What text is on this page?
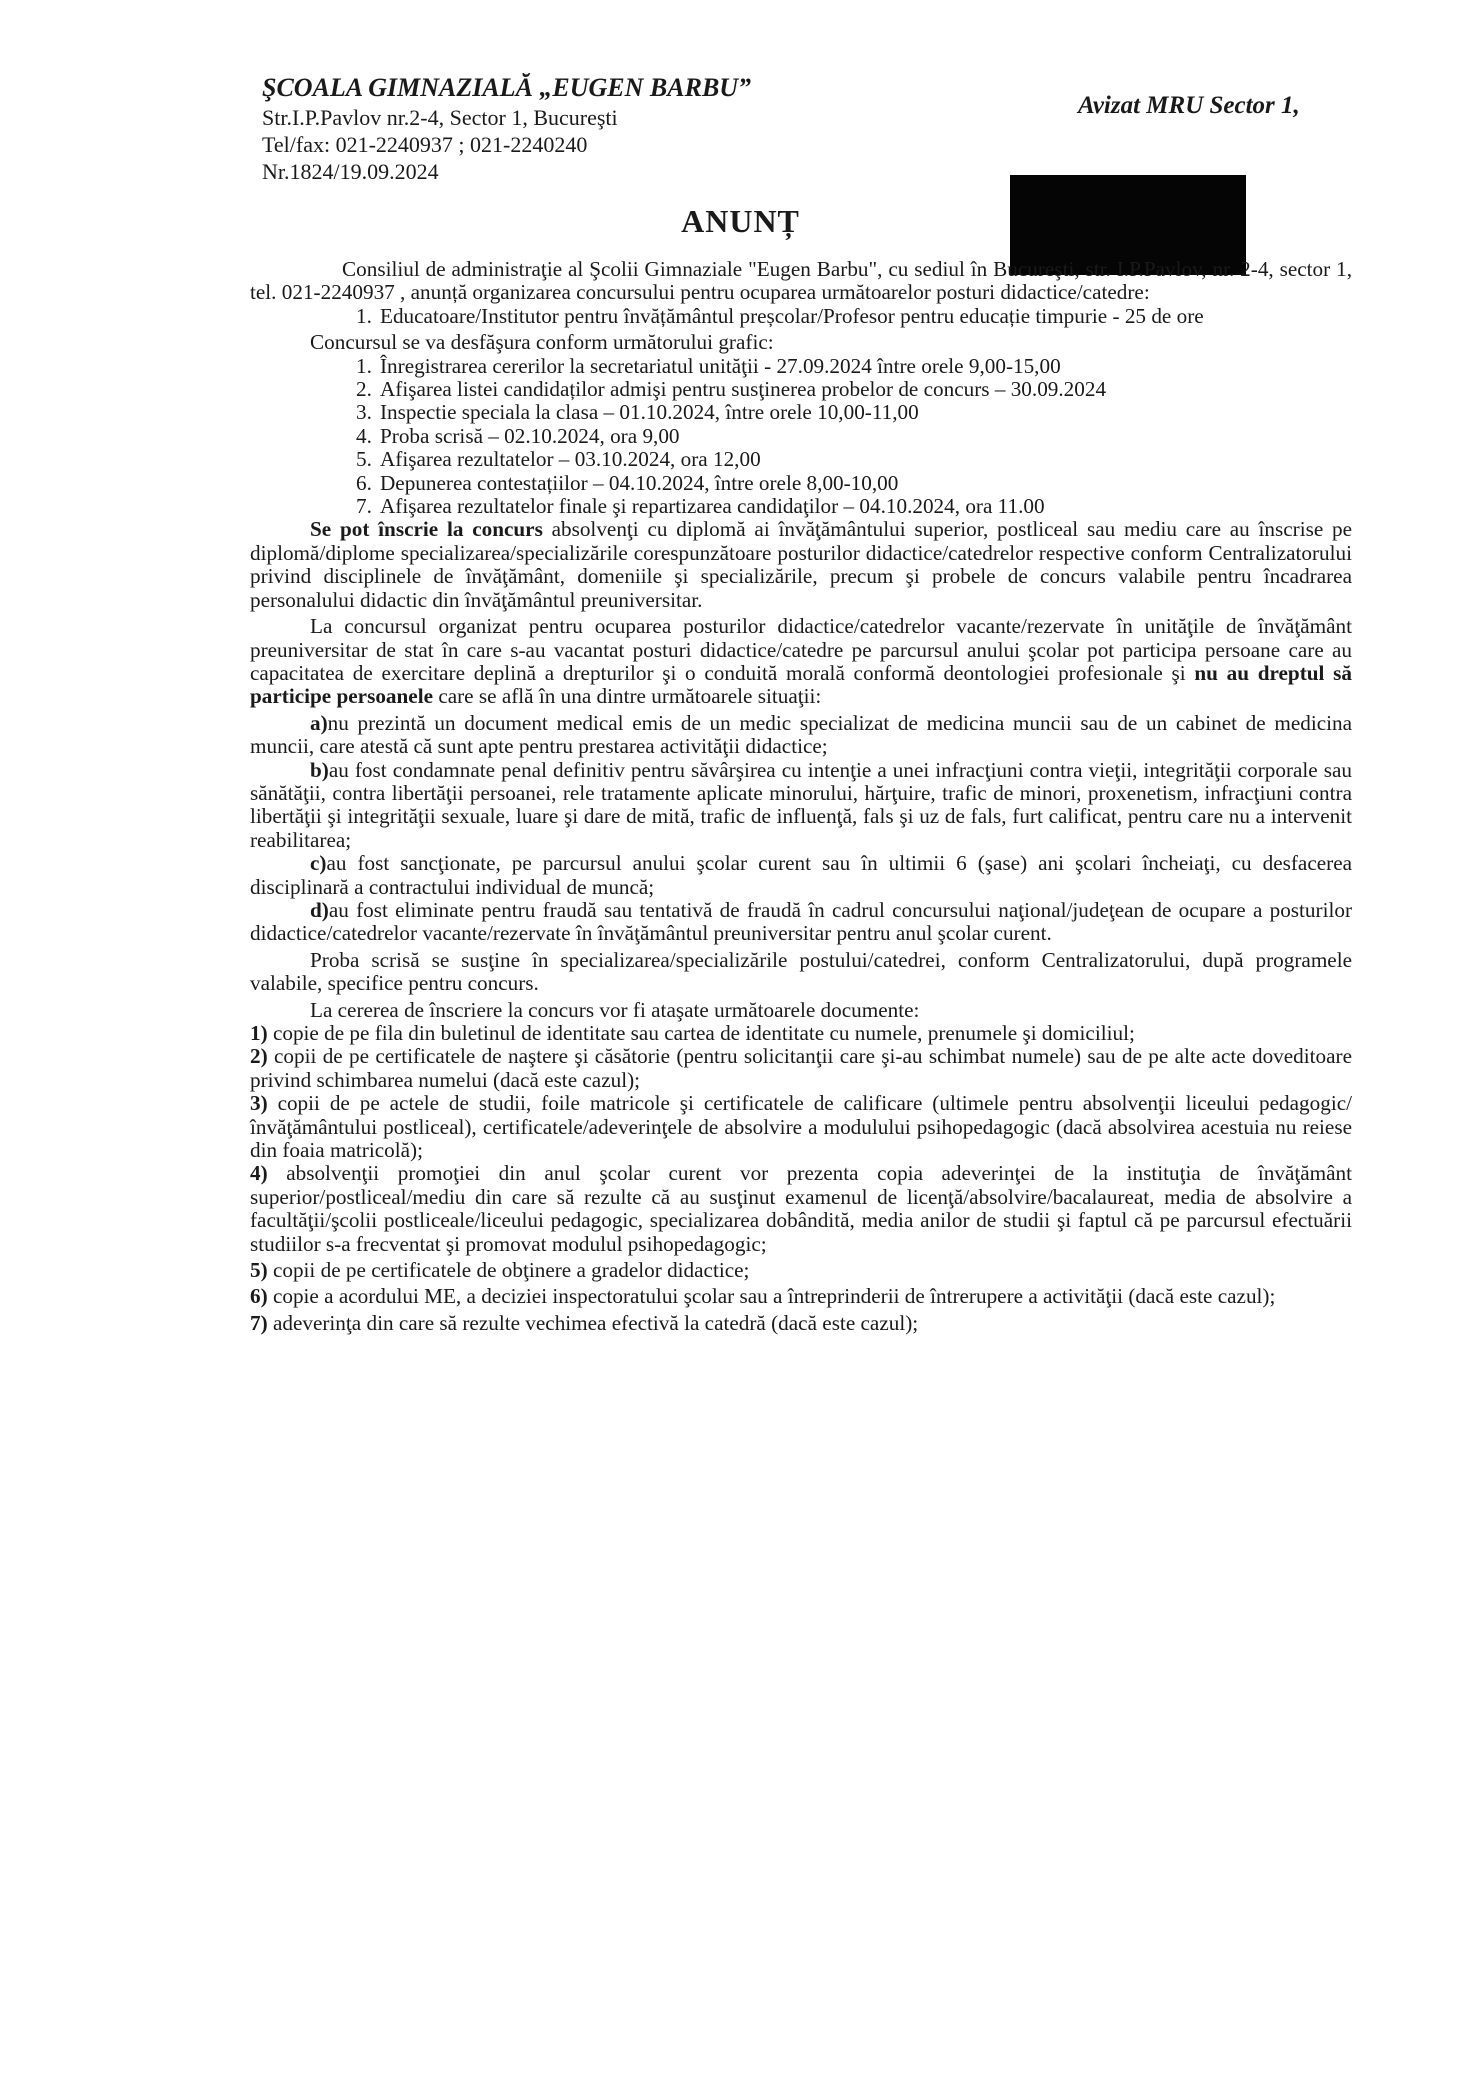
ŞCOALA GIMNAZIALĂ „EUGEN BARBU”
Str.I.P.Pavlov nr.2-4, Sector 1, Bucureşti
Tel/fax: 021-2240937 ; 021-2240240
Nr.1824/19.09.2024
Avizat MRU Sector 1,
ANUNȚ

Consiliul de administraţie al Şcolii Gimnaziale "Eugen Barbu", cu sediul în Bucureşti, str. I.P.Pavlov, nr. 2-4, sector 1, tel. 021-2240937 , anunță organizarea concursului pentru ocuparea următoarelor posturi didactice/catedre:

1. Educatoare/Institutor pentru învățământul preșcolar/Profesor pentru educație timpurie - 25 de ore

Concursul se va desfăşura conform următorului grafic:

1. Înregistrarea cererilor la secretariatul unităţii - 27.09.2024 între orele 9,00-15,00

2. Afişarea listei candidaților admişi pentru susţinerea probelor de concurs – 30.09.2024

3. Inspectie speciala la clasa – 01.10.2024, între orele 10,00-11,00

4. Proba scrisă – 02.10.2024, ora 9,00

5. Afişarea rezultatelor – 03.10.2024, ora 12,00

6. Depunerea contestațiilor – 04.10.2024, între orele 8,00-10,00

7. Afişarea rezultatelor finale şi repartizarea candidaţilor – 04.10.2024, ora 11.00

Se pot înscrie la concurs absolvenţi cu diplomă ai învăţământului superior, postliceal sau mediu care au înscrise pe diplomă/diplome specializarea/specializările corespunzătoare posturilor didactice/catedrelor respective conform Centralizatorului privind disciplinele de învăţământ, domeniile şi specializările, precum şi probele de concurs valabile pentru încadrarea personalului didactic din învăţământul preuniversitar.

La concursul organizat pentru ocuparea posturilor didactice/catedrelor vacante/rezervate în unităţile de învăţământ preuniversitar de stat în care s-au vacantat posturi didactice/catedre pe parcursul anului şcolar pot participa persoane care au capacitatea de exercitare deplină a drepturilor şi o conduită morală conformă deontologiei profesionale şi nu au dreptul să participe persoanele care se află în una dintre următoarele situaţii:

a)nu prezintă un document medical emis de un medic specializat de medicina muncii sau de un cabinet de medicina muncii, care atestă că sunt apte pentru prestarea activităţii didactice;

b)au fost condamnate penal definitiv pentru săvârşirea cu intenţie a unei infracţiuni contra vieţii, integrităţii corporale sau sănătăţii, contra libertăţii persoanei, rele tratamente aplicate minorului, hărţuire, trafic de minori, proxenetism, infracţiuni contra libertăţii şi integrităţii sexuale, luare şi dare de mită, trafic de influenţă, fals şi uz de fals, furt calificat, pentru care nu a intervenit reabilitarea;

c)au fost sancţionate, pe parcursul anului şcolar curent sau în ultimii 6 (şase) ani şcolari încheiaţi, cu desfacerea disciplinară a contractului individual de muncă;

d)au fost eliminate pentru fraudă sau tentativă de fraudă în cadrul concursului naţional/judeţean de ocupare a posturilor didactice/catedrelor vacante/rezervate în învăţământul preuniversitar pentru anul şcolar curent.

Proba scrisă se susţine în specializarea/specializările postului/catedrei, conform Centralizatorului, după programele valabile, specifice pentru concurs.

La cererea de înscriere la concurs vor fi ataşate următoarele documente:

1) copie de pe fila din buletinul de identitate sau cartea de identitate cu numele, prenumele şi domiciliul;

2) copii de pe certificatele de naştere şi căsătorie (pentru solicitanţii care şi-au schimbat numele) sau de pe alte acte doveditoare privind schimbarea numelui (dacă este cazul);

3) copii de pe actele de studii, foile matricole şi certificatele de calificare (ultimele pentru absolvenţii liceului pedagogic/învăţământului postliceal), certificatele/adeverinţele de absolvire a modulului psihopedagogic (dacă absolvirea acestuia nu reiese din foaia matricolă);

4) absolvenţii promoţiei din anul şcolar curent vor prezenta copia adeverinţei de la instituţia de învăţământ superior/postliceal/mediu din care să rezulte că au susţinut examenul de licenţă/absolvire/bacalaureat, media de absolvire a facultăţii/şcolii postliceale/liceului pedagogic, specializarea dobândită, media anilor de studii şi faptul că pe parcursul efectuării studiilor s-a frecventat şi promovat modulul psihopedagogic;

5) copii de pe certificatele de obţinere a gradelor didactice;

6) copie a acordului ME, a deciziei inspectoratului şcolar sau a întreprinderii de întrerupere a activităţii (dacă este cazul);

7) adeverinţa din care să rezulte vechimea efectivă la catedră (dacă este cazul);
